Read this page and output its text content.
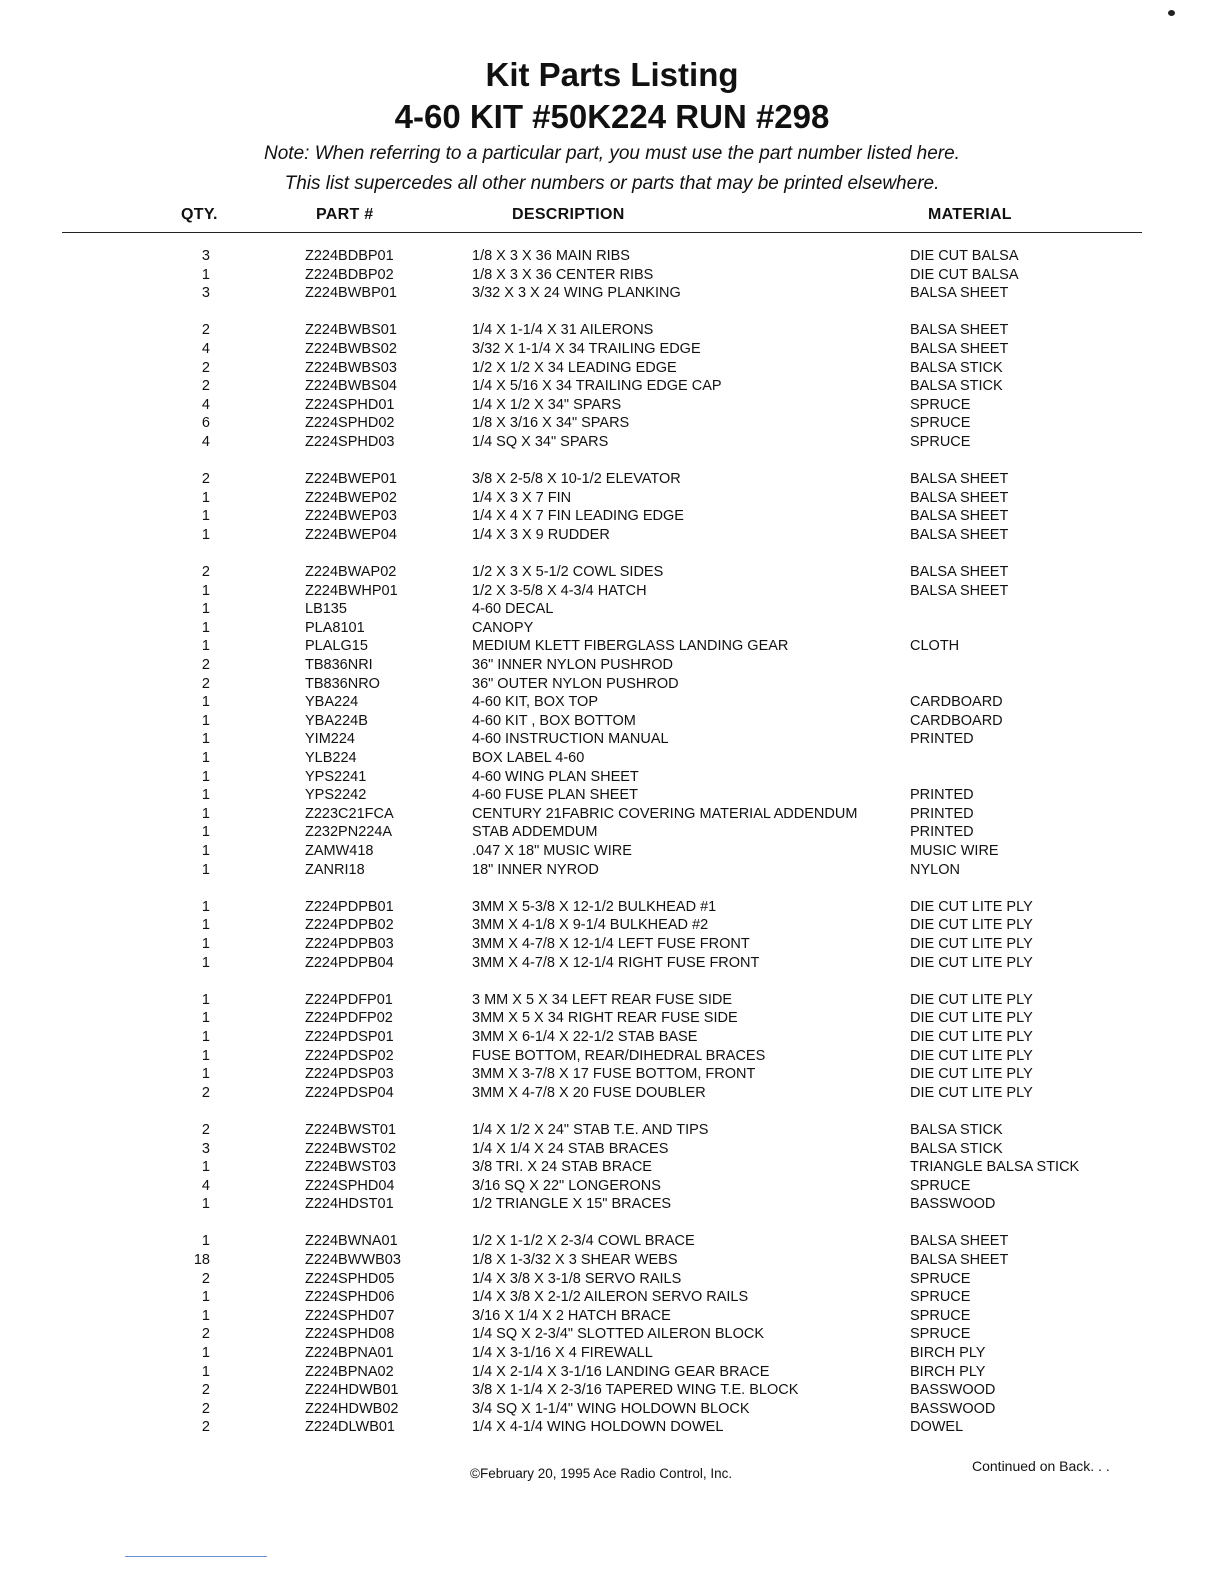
Kit Parts Listing
4-60 KIT #50K224 RUN #298
Note: When referring to a particular part, you must use the part number listed here.
This list supercedes all other numbers or parts that may be printed elsewhere.
QTY.	PART #	DESCRIPTION	MATERIAL
3	Z224BDBP01	1/8 X 3 X 36 MAIN RIBS	DIE CUT BALSA
1	Z224BDBP02	1/8 X 3 X 36 CENTER RIBS	DIE CUT BALSA
3	Z224BWBP01	3/32 X 3 X 24 WING PLANKING	BALSA SHEET
2	Z224BWBS01	1/4 X 1-1/4 X 31 AILERONS	BALSA SHEET
4	Z224BWBS02	3/32 X 1-1/4 X 34 TRAILING EDGE	BALSA SHEET
2	Z224BWBS03	1/2 X 1/2 X 34 LEADING EDGE	BALSA STICK
2	Z224BWBS04	1/4 X 5/16 X 34 TRAILING EDGE CAP	BALSA STICK
4	Z224SPHD01	1/4 X 1/2 X 34" SPARS	SPRUCE
6	Z224SPHD02	1/8 X 3/16 X 34" SPARS	SPRUCE
4	Z224SPHD03	1/4 SQ X 34" SPARS	SPRUCE
2	Z224BWEP01	3/8 X 2-5/8 X 10-1/2 ELEVATOR	BALSA SHEET
1	Z224BWEP02	1/4 X 3 X 7 FIN	BALSA SHEET
1	Z224BWEP03	1/4 X 4 X 7 FIN LEADING EDGE	BALSA SHEET
1	Z224BWEP04	1/4 X 3 X 9 RUDDER	BALSA SHEET
2	Z224BWAP02	1/2 X 3 X 5-1/2 COWL SIDES	BALSA SHEET
1	Z224BWHP01	1/2 X 3-5/8 X 4-3/4 HATCH	BALSA SHEET
1	LB135	4-60 DECAL
1	PLA8101	CANOPY
1	PLALG15	MEDIUM KLETT FIBERGLASS LANDING GEAR	CLOTH
2	TB836NRI	36" INNER NYLON PUSHROD
2	TB836NRO	36" OUTER NYLON PUSHROD
1	YBA224	4-60 KIT, BOX TOP	CARDBOARD
1	YBA224B	4-60 KIT , BOX BOTTOM	CARDBOARD
1	YIM224	4-60 INSTRUCTION MANUAL	PRINTED
1	YLB224	BOX LABEL 4-60
1	YPS2241	4-60 WING PLAN SHEET
1	YPS2242	4-60 FUSE PLAN SHEET	PRINTED
1	Z223C21FCA	CENTURY 21FABRIC COVERING MATERIAL ADDENDUM	PRINTED
1	Z232PN224A	STAB ADDEMDUM	PRINTED
1	ZAMW418	.047 X 18" MUSIC WIRE	MUSIC WIRE
1	ZANRI18	18" INNER NYROD	NYLON
1	Z224PDPB01	3MM X 5-3/8 X 12-1/2 BULKHEAD #1	DIE CUT LITE PLY
1	Z224PDPB02	3MM X 4-1/8 X 9-1/4 BULKHEAD #2	DIE CUT LITE PLY
1	Z224PDPB03	3MM X 4-7/8 X 12-1/4 LEFT FUSE FRONT	DIE CUT LITE PLY
1	Z224PDPB04	3MM X 4-7/8 X 12-1/4 RIGHT FUSE FRONT	DIE CUT LITE PLY
1	Z224PDFP01	3 MM X 5 X 34 LEFT REAR FUSE SIDE	DIE CUT LITE PLY
1	Z224PDFP02	3MM X 5 X 34 RIGHT REAR FUSE SIDE	DIE CUT LITE PLY
1	Z224PDSP01	3MM X 6-1/4 X 22-1/2 STAB BASE	DIE CUT LITE PLY
1	Z224PDSP02	FUSE BOTTOM, REAR/DIHEDRAL BRACES	DIE CUT LITE PLY
1	Z224PDSP03	3MM X 3-7/8 X 17 FUSE BOTTOM, FRONT	DIE CUT LITE PLY
2	Z224PDSP04	3MM X 4-7/8 X 20 FUSE DOUBLER	DIE CUT LITE PLY
2	Z224BWST01	1/4 X 1/2 X 24" STAB T.E. AND TIPS	BALSA STICK
3	Z224BWST02	1/4 X 1/4 X 24 STAB BRACES	BALSA STICK
1	Z224BWST03	3/8 TRI. X 24 STAB BRACE	TRIANGLE BALSA STICK
4	Z224SPHD04	3/16 SQ X 22" LONGERONS	SPRUCE
1	Z224HDST01	1/2 TRIANGLE X 15" BRACES	BASSWOOD
1	Z224BWNA01	1/2 X 1-1/2 X 2-3/4 COWL BRACE	BALSA SHEET
18	Z224BWWB03	1/8 X 1-3/32 X 3 SHEAR WEBS	BALSA SHEET
2	Z224SPHD05	1/4 X 3/8 X 3-1/8 SERVO RAILS	SPRUCE
1	Z224SPHD06	1/4 X 3/8 X 2-1/2 AILERON SERVO RAILS	SPRUCE
1	Z224SPHD07	3/16 X 1/4 X 2 HATCH BRACE	SPRUCE
2	Z224SPHD08	1/4 SQ X 2-3/4" SLOTTED AILERON BLOCK	SPRUCE
1	Z224BPNA01	1/4 X 3-1/16 X 4 FIREWALL	BIRCH PLY
1	Z224BPNA02	1/4 X 2-1/4 X 3-1/16 LANDING GEAR BRACE	BIRCH PLY
2	Z224HDWB01	3/8 X 1-1/4 X 2-3/16 TAPERED WING T.E. BLOCK	BASSWOOD
2	Z224HDWB02	3/4 SQ X 1-1/4" WING HOLDOWN BLOCK	BASSWOOD
2	Z224DLWB01	1/4 X 4-1/4 WING HOLDOWN DOWEL	DOWEL
©February 20, 1995 Ace Radio Control, Inc.	Continued on Back. . .
